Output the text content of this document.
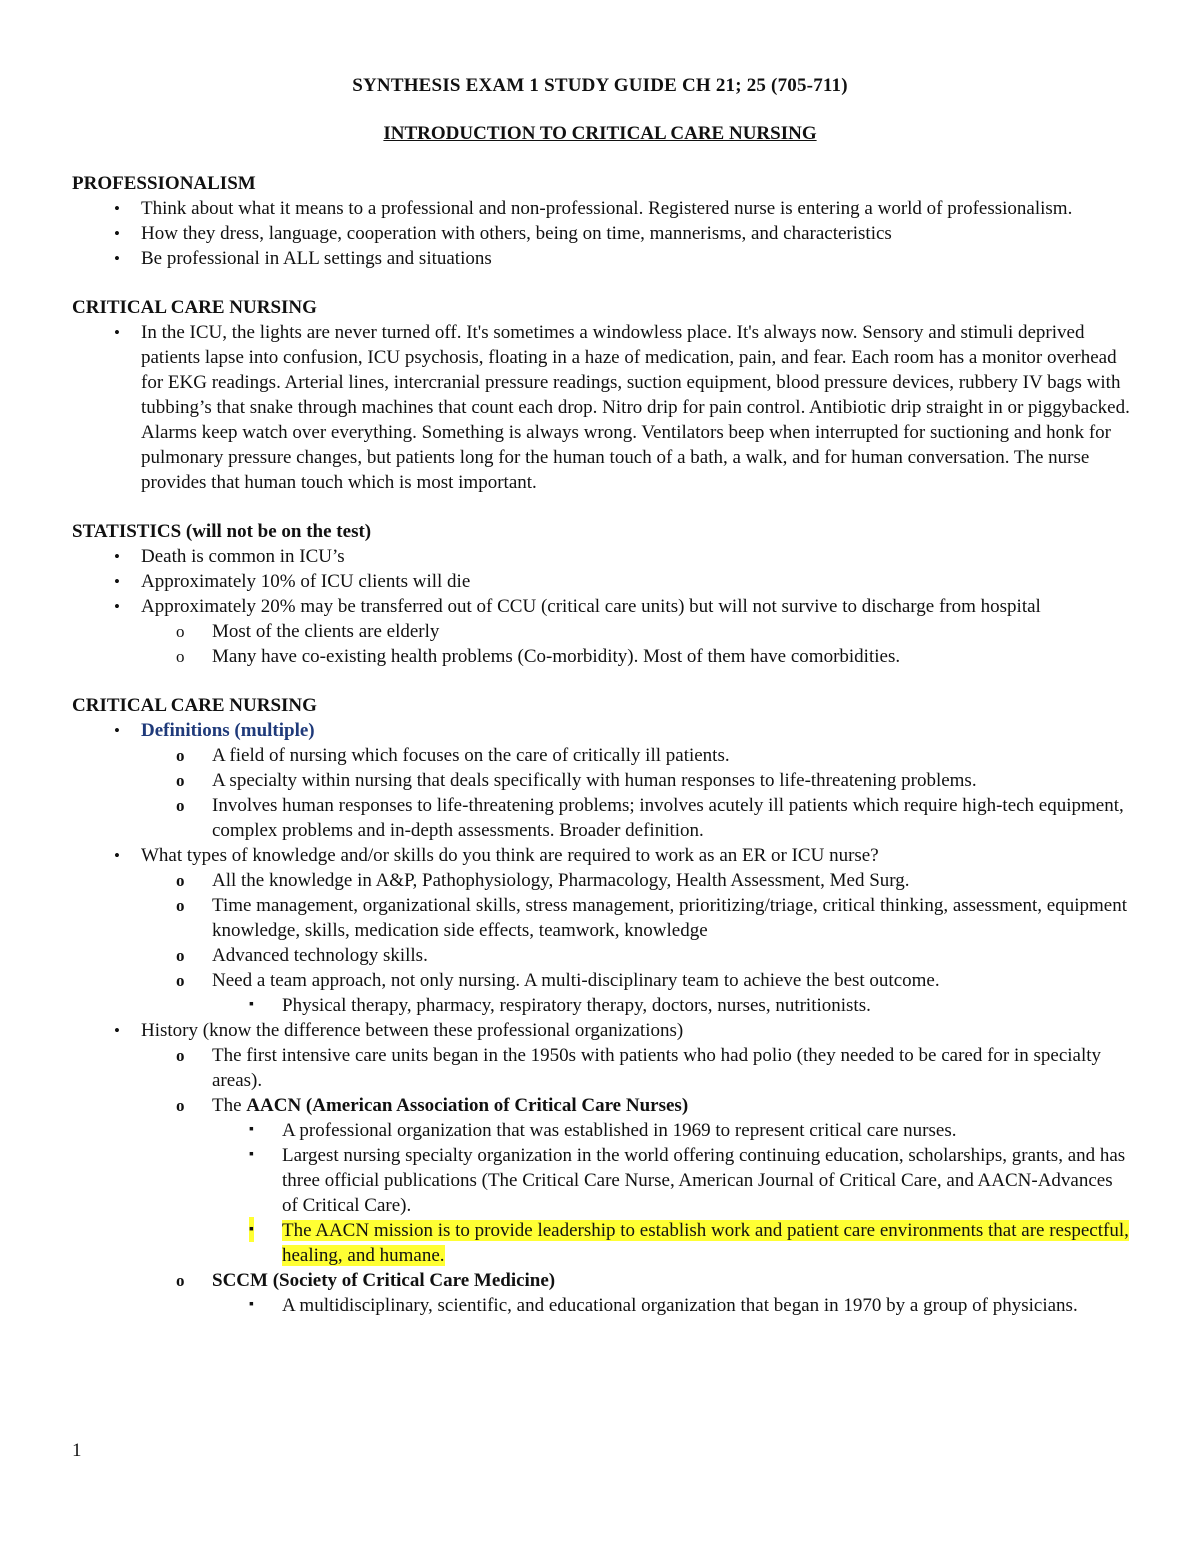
SYNTHESIS EXAM 1 STUDY GUIDE CH 21; 25 (705-711)
INTRODUCTION TO CRITICAL CARE NURSING
PROFESSIONALISM
• Think about what it means to a professional and non-professional. Registered nurse is entering a world of professionalism.
• How they dress, language, cooperation with others, being on time, mannerisms, and characteristics
• Be professional in ALL settings and situations
CRITICAL CARE NURSING
• In the ICU, the lights are never turned off. It's sometimes a windowless place. It's always now. Sensory and stimuli deprived patients lapse into confusion, ICU psychosis, floating in a haze of medication, pain, and fear. Each room has a monitor overhead for EKG readings. Arterial lines, intercranial pressure readings, suction equipment, blood pressure devices, rubbery IV bags with tubbing’s that snake through machines that count each drop. Nitro drip for pain control. Antibiotic drip straight in or piggybacked. Alarms keep watch over everything. Something is always wrong. Ventilators beep when interrupted for suctioning and honk for pulmonary pressure changes, but patients long for the human touch of a bath, a walk, and for human conversation. The nurse provides that human touch which is most important.
STATISTICS (will not be on the test)
• Death is common in ICU’s
• Approximately 10% of ICU clients will die
• Approximately 20% may be transferred out of CCU (critical care units) but will not survive to discharge from hospital
o Most of the clients are elderly
o Many have co-existing health problems (Co-morbidity). Most of them have comorbidities.
CRITICAL CARE NURSING
• Definitions (multiple)
o A field of nursing which focuses on the care of critically ill patients.
o A specialty within nursing that deals specifically with human responses to life-threatening problems.
o Involves human responses to life-threatening problems; involves acutely ill patients which require high-tech equipment, complex problems and in-depth assessments. Broader definition.
• What types of knowledge and/or skills do you think are required to work as an ER or ICU nurse?
o All the knowledge in A&P, Pathophysiology, Pharmacology, Health Assessment, Med Surg.
o Time management, organizational skills, stress management, prioritizing/triage, critical thinking, assessment, equipment knowledge, skills, medication side effects, teamwork, knowledge
o Advanced technology skills.
o Need a team approach, not only nursing. A multi-disciplinary team to achieve the best outcome.
▪ Physical therapy, pharmacy, respiratory therapy, doctors, nurses, nutritionists.
• History (know the difference between these professional organizations)
o The first intensive care units began in the 1950s with patients who had polio (they needed to be cared for in specialty areas).
o The AACN (American Association of Critical Care Nurses)
▪ A professional organization that was established in 1969 to represent critical care nurses.
▪ Largest nursing specialty organization in the world offering continuing education, scholarships, grants, and has three official publications (The Critical Care Nurse, American Journal of Critical Care, and AACN-Advances of Critical Care).
▪ The AACN mission is to provide leadership to establish work and patient care environments that are respectful, healing, and humane.
o SCCM (Society of Critical Care Medicine)
▪ A multidisciplinary, scientific, and educational organization that began in 1970 by a group of physicians.
1
